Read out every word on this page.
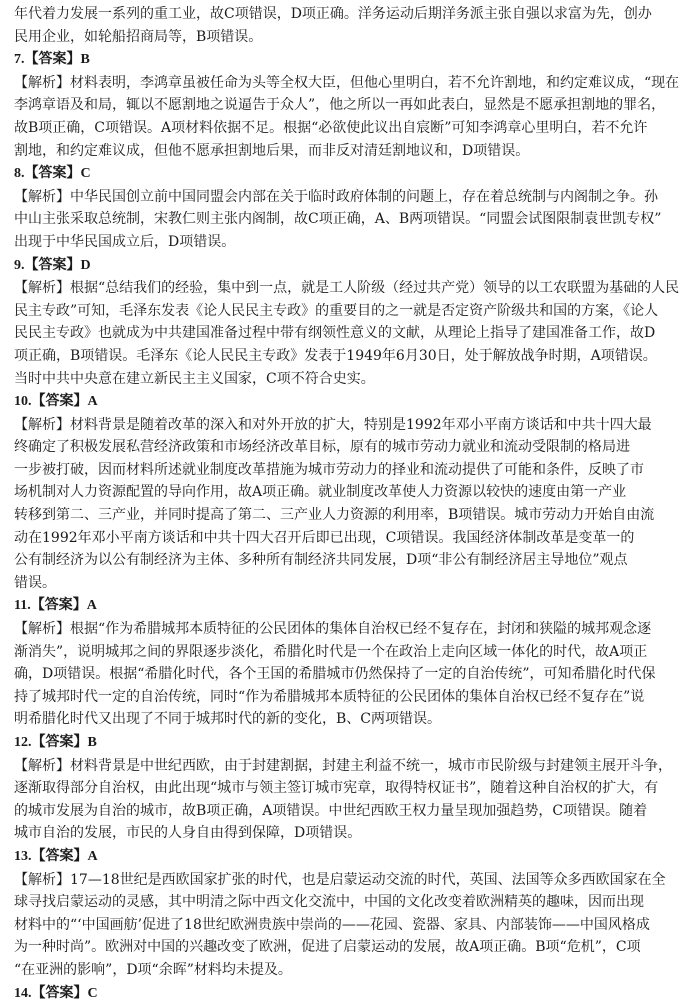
年代着力发展一系列的重工业，故C项错误，D项正确。洋务运动后期洋务派主张自强以求富为先，创办

民用企业，如轮船招商局等，B项错误。

7.【答案】B

【解析】材料表明，李鸿章虽被任命为头等全权大臣，但他心里明白，若不允许割地，和约定难议成，“现在
李鸿章语及和局，辄以不愿割地之说逼告于众人”，他之所以一再如此表白，显然是不愿承担割地的罪名，
故B项正确，C项错误。A项材料依据不足。根据“必欲使此议出自宸断”可知李鸿章心里明白，若不允许
割地，和约定难议成，但他不愿承担割地后果，而非反对清廷割地议和，D项错误。

8.【答案】C

【解析】中华民国创立前中国同盟会内部在关于临时政府体制的问题上，存在着总统制与内阁制之争。孙
中山主张采取总统制，宋教仁则主张内阁制，故C项正确，A、B两项错误。“同盟会试图限制袁世凯专权”
出现于中华民国成立后，D项错误。

9.【答案】D

【解析】根据“总结我们的经验，集中到一点，就是工人阶级（经过共产党）领导的以工农联盟为基础的人民
民主专政”可知，毛泽东发表《论人民民主专政》的重要目的之一就是否定资产阶级共和国的方案，《论人
民民主专政》也就成为中共建国准备过程中带有纲领性意义的文献，从理论上指导了建国准备工作，故D
项正确，B项错误。毛泽东《论人民民主专政》发表于1949年6月30日，处于解放战争时期，A项错误。
当时中共中央意在建立新民主主义国家，C项不符合史实。

10.【答案】A

【解析】材料背景是随着改革的深入和对外开放的扩大，特别是1992年邓小平南方谈话和中共十四大最
终确定了积极发展私营经济政策和市场经济改革目标，原有的城市劳动力就业和流动受限制的格局进
一步被打破，因而材料所述就业制度改革措施为城市劳动力的择业和流动提供了可能和条件，反映了市
场机制对人力资源配置的导向作用，故A项正确。就业制度改革使人力资源以较快的速度由第一产业
转移到第二、三产业，并同时提高了第二、三产业人力资源的利用率，B项错误。城市劳动力开始自由流
动在1992年邓小平南方谈话和中共十四大召开后即已出现，C项错误。我国经济体制改革是变革一的
公有制经济为以公有制经济为主体、多种所有制经济共同发展，D项“非公有制经济居主导地位”观点
错误。

11.【答案】A

【解析】根据“作为希腊城邦本质特征的公民团体的集体自治权已经不复存在，封闭和狭隘的城邦观念逐
渐消失”，说明城邦之间的界限逐步淡化，希腊化时代是一个在政治上走向区域一体化的时代，故A项正
确，D项错误。根据“希腊化时代，各个王国的希腊城市仍然保持了一定的自治传统”，可知希腊化时代保
持了城邦时代一定的自治传统，同时“作为希腊城邦本质特征的公民团体的集体自治权已经不复存在”说
明希腊化时代又出现了不同于城邦时代的新的变化，B、C两项错误。

12.【答案】B

【解析】材料背景是中世纪西欧，由于封建割据，封建主利益不统一，城市市民阶级与封建领主展开斗争，
逐渐取得部分自治权，由此出现“城市与领主签订城市宪章，取得特权证书”，随着这种自治权的扩大，有
的城市发展为自治的城市，故B项正确，A项错误。中世纪西欧王权力量呈现加强趋势，C项错误。随着
城市自治的发展，市民的人身自由得到保障，D项错误。

13.【答案】A

【解析】17—18世纪是西欧国家扩张的时代，也是启蒙运动交流的时代，英国、法国等众多西欧国家在全
球寻找启蒙运动的灵感，其中明清之际中西文化交流中，中国的文化改变着欧洲精英的趣味，因而出现
材料中的“‘中国画舫’促进了18世纪欧洲贵族中崇尚的——花园、瓷器、家具、内部装饰——中国风格成
为一种时尚”。欧洲对中国的兴趣改变了欧洲，促进了启蒙运动的发展，故A项正确。B项“危机”，C项
“在亚洲的影响”，D项“余晖”材料均未提及。

14.【答案】C
